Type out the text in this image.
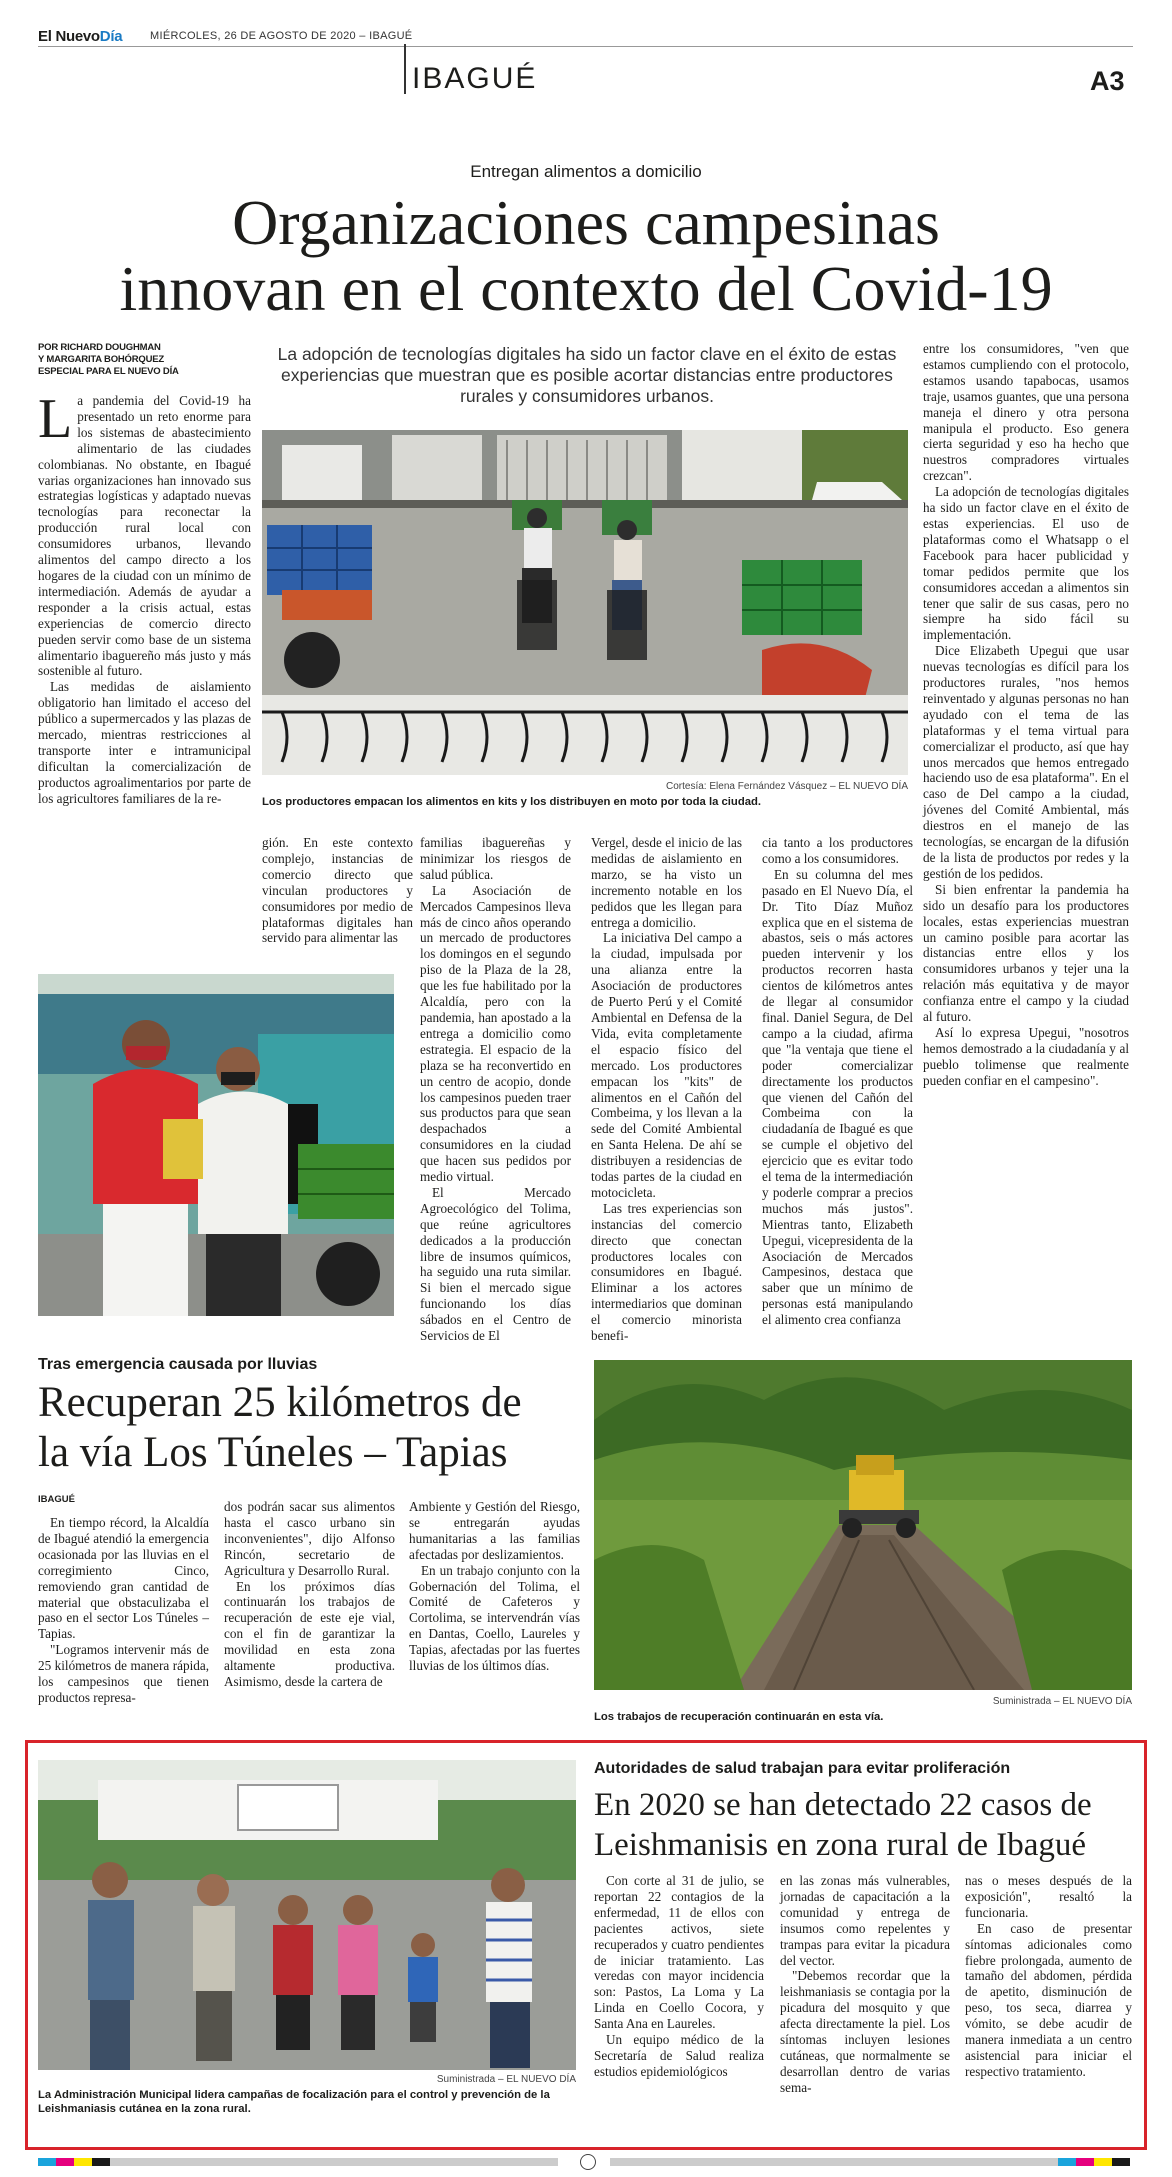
El NuevoDía	MIÉRCOLES, 26 DE AGOSTO DE 2020 – IBAGUÉ
IBAGUÉ	A3
Entregan alimentos a domicilio
Organizaciones campesinas
innovan en el contexto del Covid-19
POR RICHARD DOUGHMAN
Y MARGARITA BOHÓRQUEZ
ESPECIAL PARA EL NUEVO DÍA
La adopción de tecnologías digitales ha sido un factor clave en el éxito de estas experiencias que muestran que es posible acortar distancias entre productores rurales y consumidores urbanos.
Cortesía: Elena Fernández Vásquez – EL NUEVO DÍA
Los productores empacan los alimentos en kits y los distribuyen en moto por toda la ciudad.

La pandemia del Covid-19 ha presentado un reto enorme para los sistemas de abastecimiento alimentario de las ciudades colombianas. No obstante, en Ibagué varias organizaciones han innovado sus estrategias logísticas y adaptado nuevas tecnologías para reconectar la producción rural local con consumidores urbanos, llevando alimentos del campo directo a los hogares de la ciudad con un mínimo de intermediación. Además de ayudar a responder a la crisis actual, estas experiencias de comercio directo pueden servir como base de un sistema alimentario ibaguereño más justo y más sostenible al futuro.

Las medidas de aislamiento obligatorio han limitado el acceso del público a supermercados y las plazas de mercado, mientras restricciones al transporte inter e intramunicipal dificultan la comercialización de productos agroalimentarios por parte de los agricultores familiares de la re-

gión. En este contexto complejo, instancias de comercio directo que vinculan productores y consumidores por medio de plataformas digitales han servido para alimentar las

familias ibaguereñas y minimizar los riesgos de salud pública.

La Asociación de Mercados Campesinos lleva más de cinco años operando un mercado de productores los domingos en el segundo piso de la Plaza de la 28, que les fue habilitado por la Alcaldía, pero con la pandemia, han apostado a la entrega a domicilio como estrategia. El espacio de la plaza se ha reconvertido en un centro de acopio, donde los campesinos pueden traer sus productos para que sean despachados a consumidores en la ciudad que hacen sus pedidos por medio virtual.

El Mercado Agroecológico del Tolima, que reúne agricultores dedicados a la producción libre de insumos químicos, ha seguido una ruta similar. Si bien el mercado sigue funcionando los días sábados en el Centro de Servicios de El

Vergel, desde el inicio de las medidas de aislamiento en marzo, se ha visto un incremento notable en los pedidos que les llegan para entrega a domicilio.

La iniciativa Del campo a la ciudad, impulsada por una alianza entre la Asociación de productores de Puerto Perú y el Comité Ambiental en Defensa de la Vida, evita completamente el espacio físico del mercado. Los productores empacan los "kits" de alimentos en el Cañón del Combeima, y los llevan a la sede del Comité Ambiental en Santa Helena. De ahí se distribuyen a residencias de todas partes de la ciudad en motocicleta.

Las tres experiencias son instancias del comercio directo que conectan productores locales con consumidores en Ibagué. Eliminar a los actores intermediarios que dominan el comercio minorista benefi-

cia tanto a los productores como a los consumidores.

En su columna del mes pasado en El Nuevo Día, el Dr. Tito Díaz Muñoz explica que en el sistema de abastos, seis o más actores pueden intervenir y los productos recorren hasta cientos de kilómetros antes de llegar al consumidor final. Daniel Segura, de Del campo a la ciudad, afirma que "la ventaja que tiene el poder comercializar directamente los productos que vienen del Cañón del Combeima con la ciudadanía de Ibagué es que se cumple el objetivo del ejercicio que es evitar todo el tema de la intermediación y poderle comprar a precios muchos más justos". Mientras tanto, Elizabeth Upegui, vicepresidenta de la Asociación de Mercados Campesinos, destaca que saber que un mínimo de personas está manipulando el alimento crea confianza

entre los consumidores, "ven que estamos cumpliendo con el protocolo, estamos usando tapabocas, usamos traje, usamos guantes, que una persona maneja el dinero y otra persona manipula el producto. Eso genera cierta seguridad y eso ha hecho que nuestros compradores virtuales crezcan".

La adopción de tecnologías digitales ha sido un factor clave en el éxito de estas experiencias. El uso de plataformas como el Whatsapp o el Facebook para hacer publicidad y tomar pedidos permite que los consumidores accedan a alimentos sin tener que salir de sus casas, pero no siempre ha sido fácil su implementación.

Dice Elizabeth Upegui que usar nuevas tecnologías es difícil para los productores rurales, "nos hemos reinventado y algunas personas no han ayudado con el tema de las plataformas y el tema virtual para comercializar el producto, así que hay unos mercados que hemos entregado haciendo uso de esa plataforma". En el caso de Del campo a la ciudad, jóvenes del Comité Ambiental, más diestros en el manejo de las tecnologías, se encargan de la difusión de la lista de productos por redes y la gestión de los pedidos.

Si bien enfrentar la pandemia ha sido un desafío para los productores locales, estas experiencias muestran un camino posible para acortar las distancias entre ellos y los consumidores urbanos y tejer una la relación más equitativa y de mayor confianza entre el campo y la ciudad al futuro.

Así lo expresa Upegui, "nosotros hemos demostrado a la ciudadanía y al pueblo tolimense que realmente pueden confiar en el campesino".

Tras emergencia causada por lluvias
Recuperan 25 kilómetros de
la vía Los Túneles – Tapias
IBAGUÉ

En tiempo récord, la Alcaldía de Ibagué atendió la emergencia ocasionada por las lluvias en el corregimiento Cinco, removiendo gran cantidad de material que obstaculizaba el paso en el sector Los Túneles – Tapias.

"Logramos intervenir más de 25 kilómetros de manera rápida, los campesinos que tienen productos represa-

dos podrán sacar sus alimentos hasta el casco urbano sin inconvenientes", dijo Alfonso Rincón, secretario de Agricultura y Desarrollo Rural.

En los próximos días continuarán los trabajos de recuperación de este eje vial, con el fin de garantizar la movilidad en esta zona altamente productiva. Asimismo, desde la cartera de

Ambiente y Gestión del Riesgo, se entregarán ayudas humanitarias a las familias afectadas por deslizamientos.

En un trabajo conjunto con la Gobernación del Tolima, el Comité de Cafeteros y Cortolima, se intervendrán vías en Dantas, Coello, Laureles y Tapias, afectadas por las fuertes lluvias de los últimos días.

Suministrada – EL NUEVO DÍA
Los trabajos de recuperación continuarán en esta vía.
Suministrada – EL NUEVO DÍA
La Administración Municipal lidera campañas de focalización para el control y prevención de la Leishmaniasis cutánea en la zona rural.
Autoridades de salud trabajan para evitar proliferación
En 2020 se han detectado 22 casos de
Leishmanisis en zona rural de Ibagué

Con corte al 31 de julio, se reportan 22 contagios de la enfermedad, 11 de ellos con pacientes activos, siete recuperados y cuatro pendientes de iniciar tratamiento. Las veredas con mayor incidencia son: Pastos, La Loma y La Linda en Coello Cocora, y Santa Ana en Laureles.

Un equipo médico de la Secretaría de Salud realiza estudios epidemiológicos

en las zonas más vulnerables, jornadas de capacitación a la comunidad y entrega de insumos como repelentes y trampas para evitar la picadura del vector.

"Debemos recordar que la leishmaniasis se contagia por la picadura del mosquito y que afecta directamente la piel. Los síntomas incluyen lesiones cutáneas, que normalmente se desarrollan dentro de varias sema-

nas o meses después de la exposición", resaltó la funcionaria.

En caso de presentar síntomas adicionales como fiebre prolongada, aumento de tamaño del abdomen, pérdida de apetito, disminución de peso, tos seca, diarrea y vómito, se debe acudir de manera inmediata a un centro asistencial para iniciar el respectivo tratamiento.
